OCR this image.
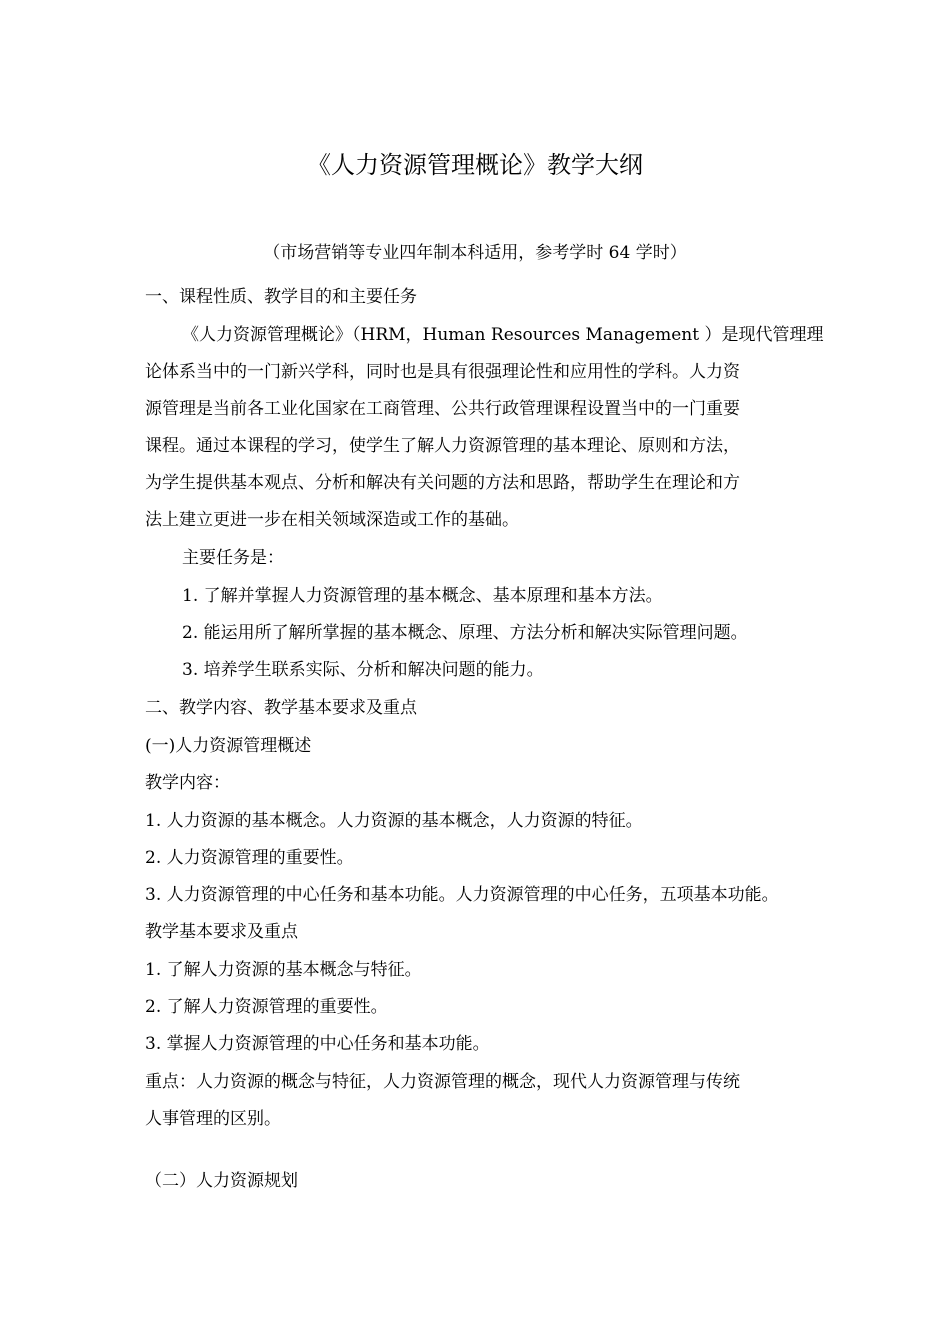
《人力资源管理概论》教学大纲
（市场营销等专业四年制本科适用，参考学时 64 学时）
一、课程性质、教学目的和主要任务
《人力资源管理概论》（HRM，Human Resources Management ）是现代管理理
论体系当中的一门新兴学科，同时也是具有很强理论性和应用性的学科。人力资
源管理是当前各工业化国家在工商管理、公共行政管理课程设置当中的一门重要
课程。通过本课程的学习，使学生了解人力资源管理的基本理论、原则和方法，
为学生提供基本观点、分析和解决有关问题的方法和思路，帮助学生在理论和方
法上建立更进一步在相关领域深造或工作的基础。
主要任务是：
1. 了解并掌握人力资源管理的基本概念、基本原理和基本方法。
2. 能运用所了解所掌握的基本概念、原理、方法分析和解决实际管理问题。
3. 培养学生联系实际、分析和解决问题的能力。
二、教学内容、教学基本要求及重点
(一)人力资源管理概述
教学内容：
1. 人力资源的基本概念。人力资源的基本概念，人力资源的特征。
2. 人力资源管理的重要性。
3. 人力资源管理的中心任务和基本功能。人力资源管理的中心任务，五项基本功能。
教学基本要求及重点
1. 了解人力资源的基本概念与特征。
2. 了解人力资源管理的重要性。
3. 掌握人力资源管理的中心任务和基本功能。
重点：人力资源的概念与特征，人力资源管理的概念，现代人力资源管理与传统
人事管理的区别。
（二）人力资源规划
